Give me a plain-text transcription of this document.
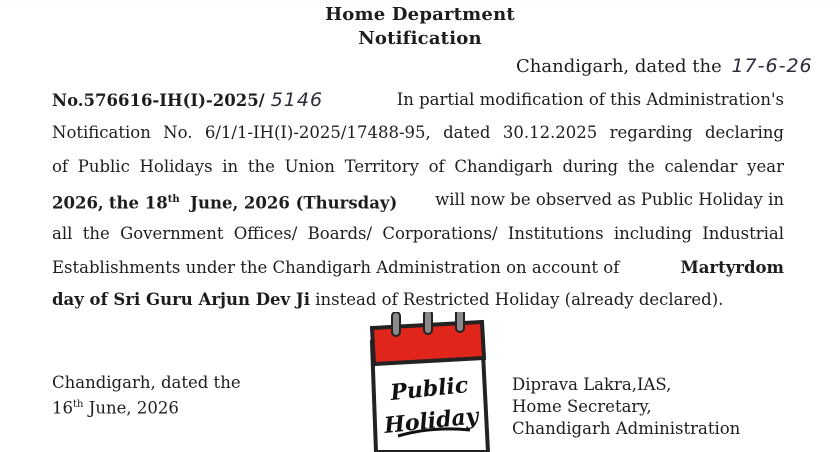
Home Department
Notification
Chandigarh, dated the 17-6-26
No.576616-IH(I)-2025/ 5146	In partial modification of this Administration's
Notification No. 6/1/1-IH(I)-2025/17488-95, dated 30.12.2025 regarding declaring
of Public Holidays in the Union Territory of Chandigarh during the calendar year
2026, the 18th June, 2026 (Thursday) will now be observed as Public Holiday in
all the Government Offices/ Boards/ Corporations/ Institutions including Industrial
Establishments under the Chandigarh Administration on account of	Martyrdom
day of Sri Guru Arjun Dev Ji
instead of Restricted Holiday (already declared).
Chandigarh, dated the
16th June, 2026
Diprava Lakra,IAS,
Home Secretary,
Chandigarh Administration
Public
Holiday
